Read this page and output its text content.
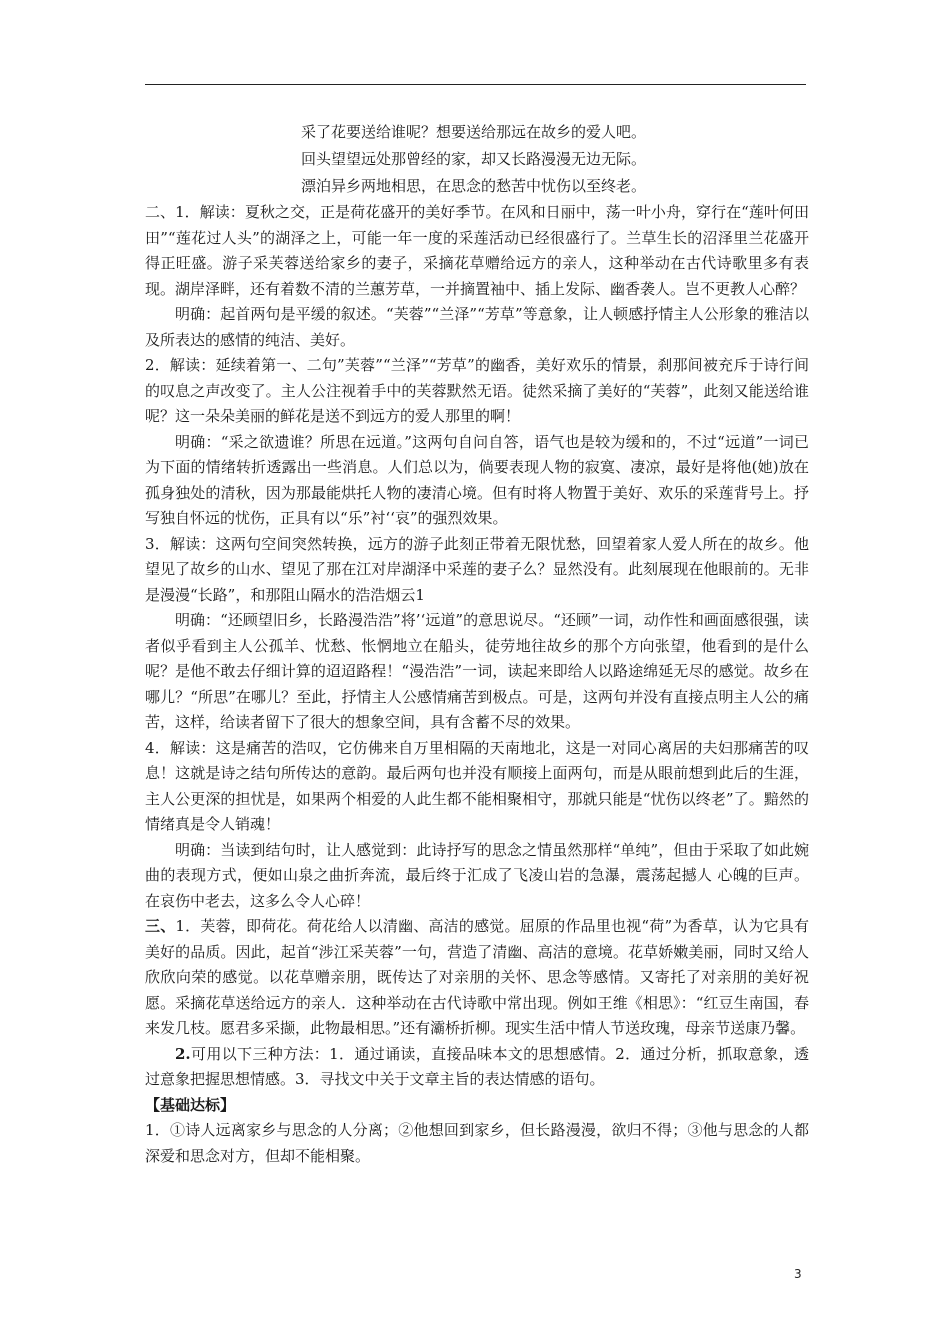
采了花要送给谁呢？想要送给那远在故乡的爱人吧。
回头望望远处那曾经的家，却又长路漫漫无边无际。
漂泊异乡两地相思，在思念的愁苦中忧伤以至终老。

二、1．解读：夏秋之交，正是荷花盛开的美好季节。在风和日丽中，荡一叶小舟，穿行在“莲叶何田田”“莲花过人头”的湖泽之上，可能一年一度的采莲活动已经很盛行了。兰草生长的沼泽里兰花盛开得正旺盛。游子采芙蓉送给家乡的妻子，采摘花草赠给远方的亲人，这种举动在古代诗歌里多有表现。湖岸泽畔，还有着数不清的兰蕙芳草，一并摘置袖中、插上发际、幽香袭人。岂不更教人心醉？

明确：起首两句是平缓的叙述。“芙蓉”“兰泽”“芳草”等意象，让人顿感抒情主人公形象的雅洁以及所表达的感情的纯洁、美好。

2．解读：延续着第一、二句”芙蓉”“兰泽”“芳草”的幽香，美好欢乐的情景，刹那间被充斥于诗行间的叹息之声改变了。主人公注视着手中的芙蓉默然无语。徒然采摘了美好的“芙蓉”，此刻又能送给谁呢？这一朵朵美丽的鲜花是送不到远方的爱人那里的啊！

明确：“采之欲遗谁？所思在远道。”这两句自问自答，语气也是较为缓和的，不过“远道”一词已为下面的情绪转折透露出一些消息。人们总以为，倘要表现人物的寂寞、凄凉，最好是将他(她)放在孤身独处的清秋，因为那最能烘托人物的凄清心境。但有时将人物置于美好、欢乐的采莲背号上。抒写独自怀远的忧伤，正具有以“乐”衬‘‘哀”的强烈效果。

3．解读：这两句空间突然转换，远方的游子此刻正带着无限忧愁，回望着家人爱人所在的故乡。他望见了故乡的山水、望见了那在江对岸湖泽中采莲的妻子么？显然没有。此刻展现在他眼前的。无非是漫漫“长路”，和那阻山隔水的浩浩烟云1

明确：“还顾望旧乡，长路漫浩浩”将’‘远道”的意思说尽。“还顾”一词，动作性和画面感很强，读者似乎看到主人公孤羊、忧愁、怅惘地立在船头，徒劳地往故乡的那个方向张望，他看到的是什么呢？是他不敢去仔细计算的迢迢路程！“漫浩浩”一词，读起来即给人以路途绵延无尽的感觉。故乡在哪儿？“所思”在哪儿？至此，抒情主人公感情痛苦到极点。可是，这两句并没有直接点明主人公的痛苦，这样，给读者留下了很大的想象空间，具有含蓄不尽的效果。

4．解读：这是痛苦的浩叹，它仿佛来自万里相隔的天南地北，这是一对同心离居的夫妇那痛苦的叹息！这就是诗之结句所传达的意韵。最后两句也并没有顺接上面两句，而是从眼前想到此后的生涯，主人公更深的担忧是，如果两个相爱的人此生都不能相聚相守，那就只能是“忧伤以终老”了。黯然的情绪真是令人销魂！

明确：当读到结句时，让人感觉到：此诗抒写的思念之情虽然那样“单纯”，但由于采取了如此婉曲的表现方式，便如山泉之曲折奔流，最后终于汇成了飞凌山岩的急瀑，震荡起撼人 心魄的巨声。在哀伤中老去，这多么令人心碎！

三、1．芙蓉，即荷花。荷花给人以清幽、高洁的感觉。屈原的作品里也视“荷”为香草，认为它具有美好的品质。因此，起首“涉江采芙蓉”一句，营造了清幽、高洁的意境。花草娇嫩美丽，同时又给人欣欣向荣的感觉。以花草赠亲朋，既传达了对亲朋的关怀、思念等感情。又寄托了对亲朋的美好祝愿。采摘花草送给远方的亲人．这种举动在古代诗歌中常出现。例如王维《相思》：“红豆生南国，春来发几枝。愿君多采撷，此物最相思。”还有灞桥折柳。现实生活中情人节送玫瑰，母亲节送康乃馨。

2.可用以下三种方法：1．通过诵读，直接品味本文的思想感情。2．通过分析，抓取意象，透过意象把握思想情感。3．寻找文中关于文章主旨的表达情感的语句。

【基础达标】

1．①诗人远离家乡与思念的人分离；②他想回到家乡，但长路漫漫，欲归不得；③他与思念的人都深爱和思念对方，但却不能相聚。

3
